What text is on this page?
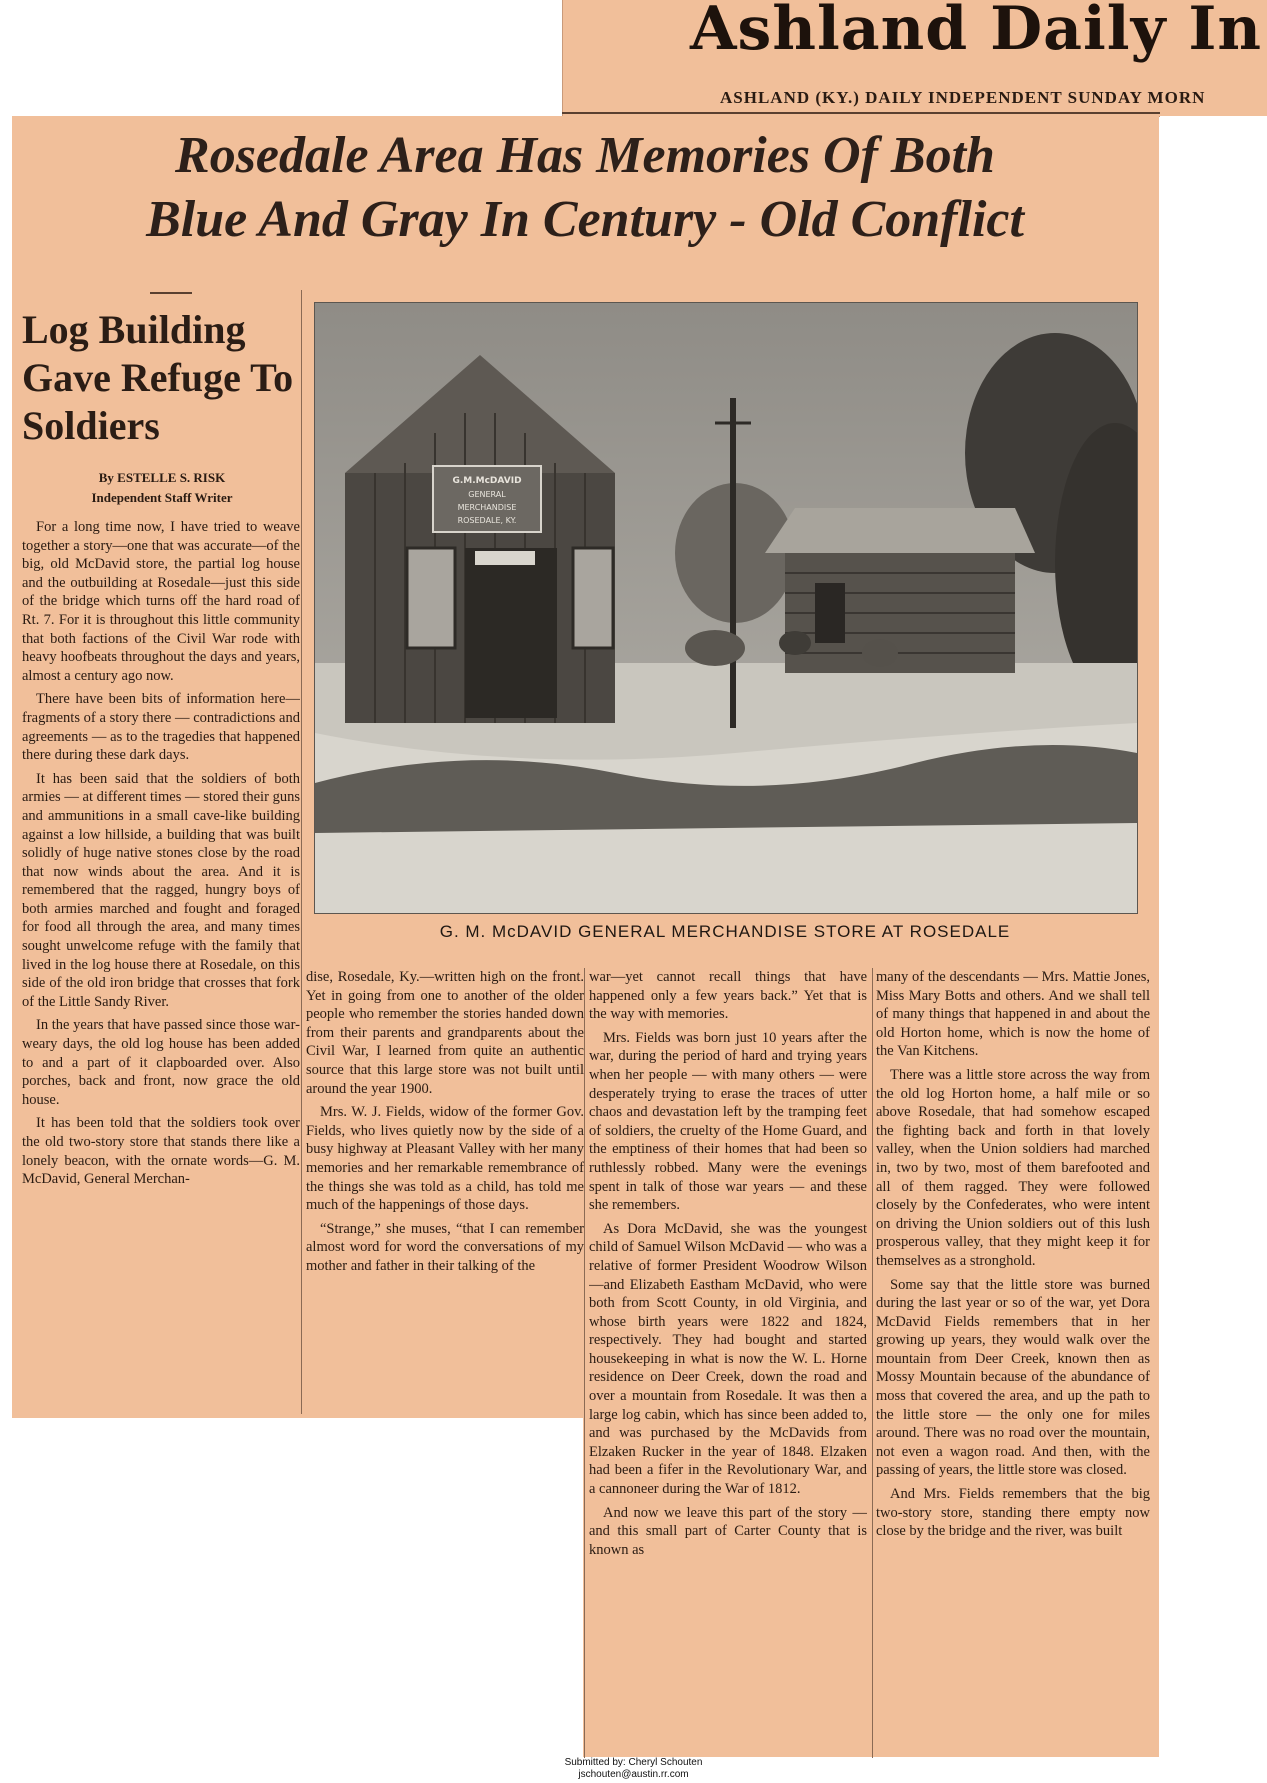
Ashland Daily In
ASHLAND (KY.) DAILY INDEPENDENT SUNDAY MORN
Rosedale Area Has Memories Of Both
Blue And Gray In Century - Old Conflict
Log Building Gave Refuge To Soldiers
By ESTELLE S. RISK
Independent Staff Writer

For a long time now, I have tried to weave together a story—one that was accurate—of the big, old McDavid store, the partial log house and the outbuilding at Rosedale—just this side of the bridge which turns off the hard road of Rt. 7. For it is throughout this little community that both factions of the Civil War rode with heavy hoofbeats throughout the days and years, almost a century ago now.

There have been bits of information here—fragments of a story there — contradictions and agreements — as to the tragedies that happened there during these dark days.

It has been said that the soldiers of both armies — at different times — stored their guns and ammunitions in a small cave-like building against a low hillside, a building that was built solidly of huge native stones close by the road that now winds about the area. And it is remembered that the ragged, hungry boys of both armies marched and fought and foraged for food all through the area, and many times sought unwelcome refuge with the family that lived in the log house there at Rosedale, on this side of the old iron bridge that crosses that fork of the Little Sandy River.

In the years that have passed since those war-weary days, the old log house has been added to and a part of it clapboarded over. Also porches, back and front, now grace the old house.

It has been told that the soldiers took over the old two-story store that stands there like a lonely beacon, with the ornate words—G. M. McDavid, General Merchan-

G.M.McDAVID
GENERAL
MERCHANDISE
ROSEDALE, KY.
G. M. McDAVID GENERAL MERCHANDISE STORE AT ROSEDALE

dise, Rosedale, Ky.—written high on the front. Yet in going from one to another of the older people who remember the stories handed down from their parents and grandparents about the Civil War, I learned from quite an authentic source that this large store was not built until around the year 1900.

Mrs. W. J. Fields, widow of the former Gov. Fields, who lives quietly now by the side of a busy highway at Pleasant Valley with her many memories and her remarkable remembrance of the things she was told as a child, has told me much of the happenings of those days.

“Strange,” she muses, “that I can remember almost word for word the conversations of my mother and father in their talking of the

war—yet cannot recall things that have happened only a few years back.” Yet that is the way with memories.

Mrs. Fields was born just 10 years after the war, during the period of hard and trying years when her people — with many others — were desperately trying to erase the traces of utter chaos and devastation left by the tramping feet of soldiers, the cruelty of the Home Guard, and the emptiness of their homes that had been so ruthlessly robbed. Many were the evenings spent in talk of those war years — and these she remembers.

As Dora McDavid, she was the youngest child of Samuel Wilson McDavid — who was a relative of former President Woodrow Wilson —and Elizabeth Eastham McDavid, who were both from Scott County, in old Virginia, and whose birth years were 1822 and 1824, respectively. They had bought and started housekeeping in what is now the W. L. Horne residence on Deer Creek, down the road and over a mountain from Rosedale. It was then a large log cabin, which has since been added to, and was purchased by the McDavids from Elzaken Rucker in the year of 1848. Elzaken had been a fifer in the Revolutionary War, and a cannoneer during the War of 1812.

And now we leave this part of the story — and this small part of Carter County that is known as

many of the descendants — Mrs. Mattie Jones, Miss Mary Botts and others. And we shall tell of many things that happened in and about the old Horton home, which is now the home of the Van Kitchens.

There was a little store across the way from the old log Horton home, a half mile or so above Rosedale, that had somehow escaped the fighting back and forth in that lovely valley, when the Union soldiers had marched in, two by two, most of them barefooted and all of them ragged. They were followed closely by the Confederates, who were intent on driving the Union soldiers out of this lush prosperous valley, that they might keep it for themselves as a stronghold.

Some say that the little store was burned during the last year or so of the war, yet Dora McDavid Fields remembers that in her growing up years, they would walk over the mountain from Deer Creek, known then as Mossy Mountain because of the abundance of moss that covered the area, and up the path to the little store — the only one for miles around. There was no road over the mountain, not even a wagon road. And then, with the passing of years, the little store was closed.

And Mrs. Fields remembers that the big two-story store, standing there empty now close by the bridge and the river, was built

Submitted by: Cheryl Schouten
jschouten@austin.rr.com
